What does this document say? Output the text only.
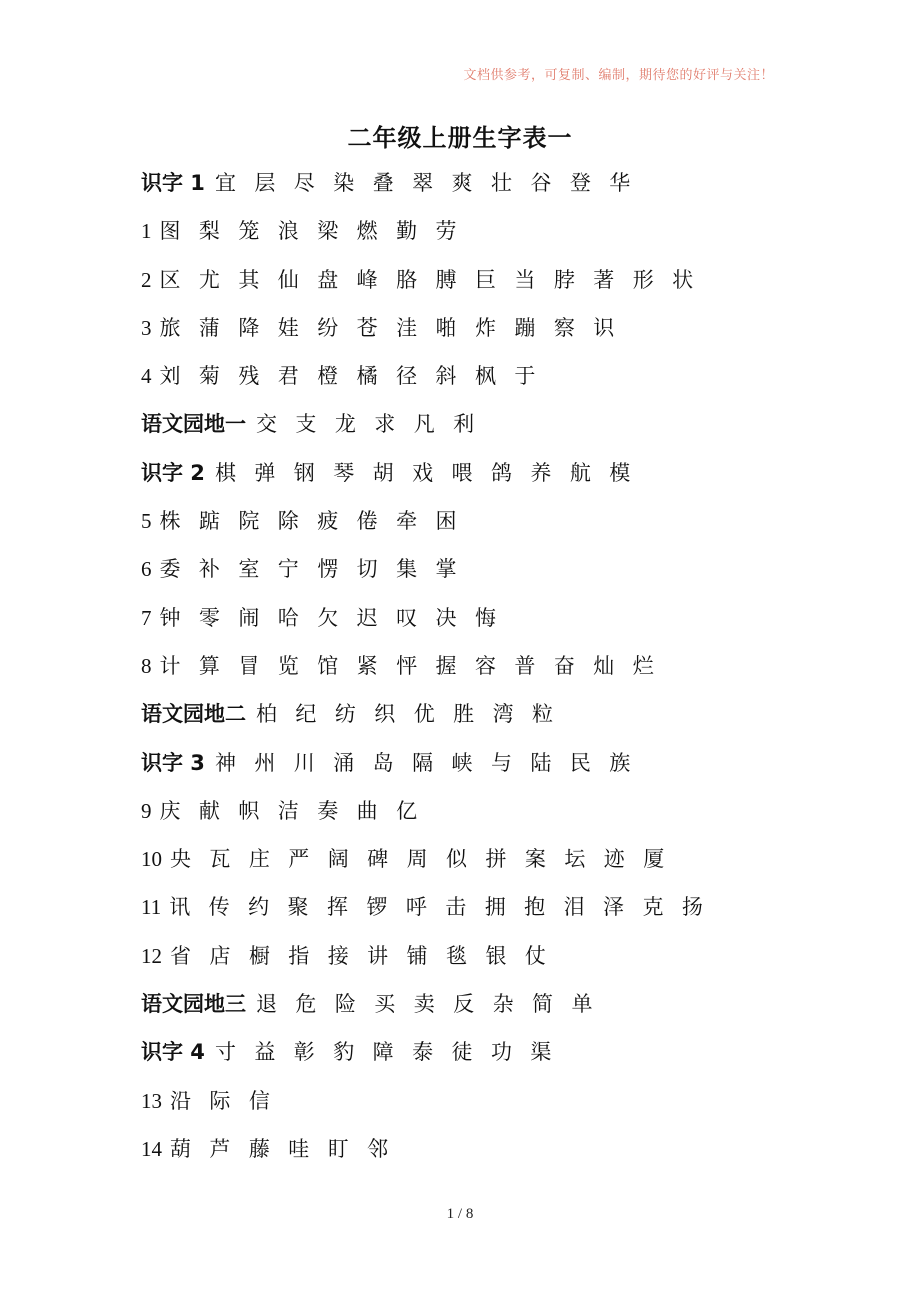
文档供参考，可复制、编制，期待您的好评与关注！
二年级上册生字表一
识字 1 宜 层 尽 染 叠 翠 爽 壮 谷 登 华
1 图 梨 笼 浪 梁 燃 勤 劳
2 区 尤 其 仙 盘 峰 胳 膊 巨 当 脖 著 形 状
3 旅 蒲 降 娃 纷 苍 洼 啪 炸 蹦 察 识
4 刘 菊 残 君 橙 橘 径 斜 枫 于
语文园地一 交 支 龙 求 凡 利
识字 2 棋 弹 钢 琴 胡 戏 喂 鸽 养 航 模
5 株 踮 院 除 疲 倦 牵 困
6 委 补 室 宁 愣 切 集 掌
7 钟 零 闹 哈 欠 迟 叹 决 悔
8 计 算 冒 览 馆 紧 怦 握 容 普 奋 灿 烂
语文园地二 柏 纪 纺 织 优 胜 湾 粒
识字 3 神 州 川 涌 岛 隔 峡 与 陆 民 族
9 庆 献 帜 洁 奏 曲 亿
10 央 瓦 庄 严 阔 碑 周 似 拼 案 坛 迹 厦
11 讯 传 约 聚 挥 锣 呼 击 拥 抱 泪 泽 克 扬
12 省 店 橱 指 接 讲 铺 毯 银 仗
语文园地三 退 危 险 买 卖 反 杂 简 单
识字 4 寸 益 彰 豹 障 泰 徒 功 渠
13 沿 际 信
14 葫 芦 藤 哇 盯 邻
1 / 8
